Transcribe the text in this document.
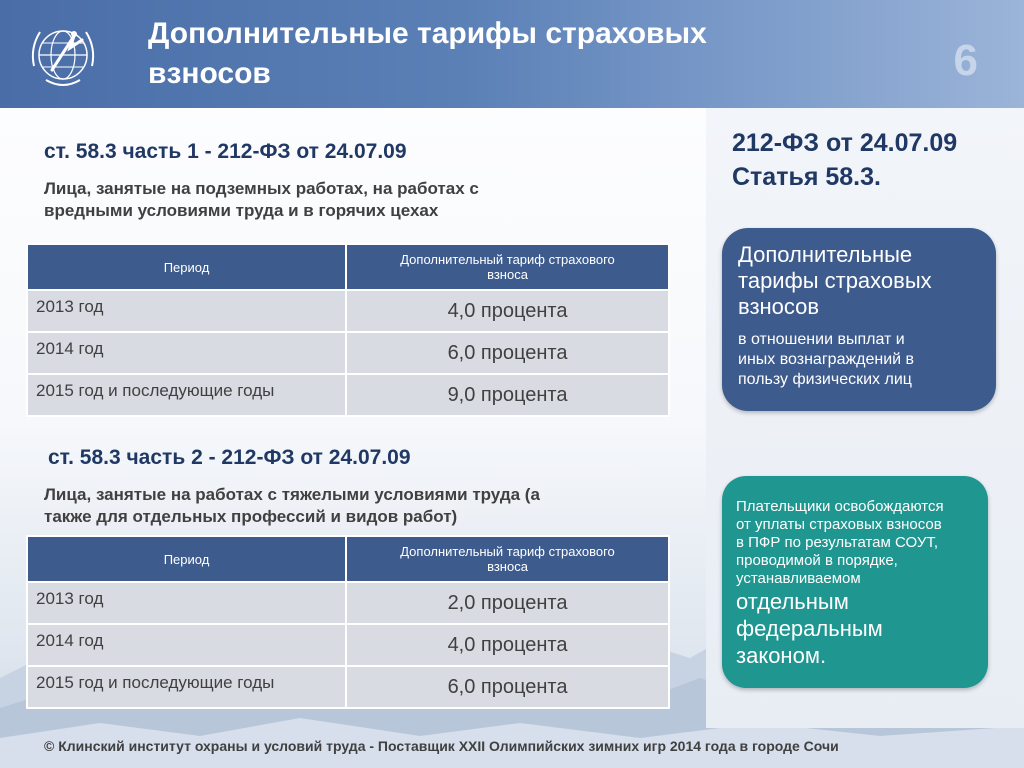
Дополнительные тарифы страховых
взносов	6
ст. 58.3 часть 1 - 212-ФЗ от 24.07.09
Лица, занятые на подземных работах, на работах с
вредными условиями труда и в горячих цехах
Период	Дополнительный тариф страхового
взноса

2013 год	4,0 процента
2014 год	6,0 процента
2015 год и последующие годы	9,0 процента
ст. 58.3 часть 2 - 212-ФЗ от 24.07.09
Лица, занятые на работах с тяжелыми условиями труда (а
также для отдельных профессий и видов работ)
Период	Дополнительный тариф страхового
взноса

2013 год	2,0 процента
2014 год	4,0 процента
2015 год и последующие годы	6,0 процента
212-ФЗ от 24.07.09
Статья 58.3.
Дополнительные
тарифы страховых
взносов
в отношении выплат и
иных вознаграждений в
пользу физических лиц
Плательщики освобождаются
от уплаты страховых взносов
в ПФР по результатам СОУТ,
проводимой в порядке,
устанавливаемом
отдельным
федеральным
законом.
© Клинский институт охраны и условий труда - Поставщик XXII Олимпийских зимних игр 2014 года в городе Сочи
